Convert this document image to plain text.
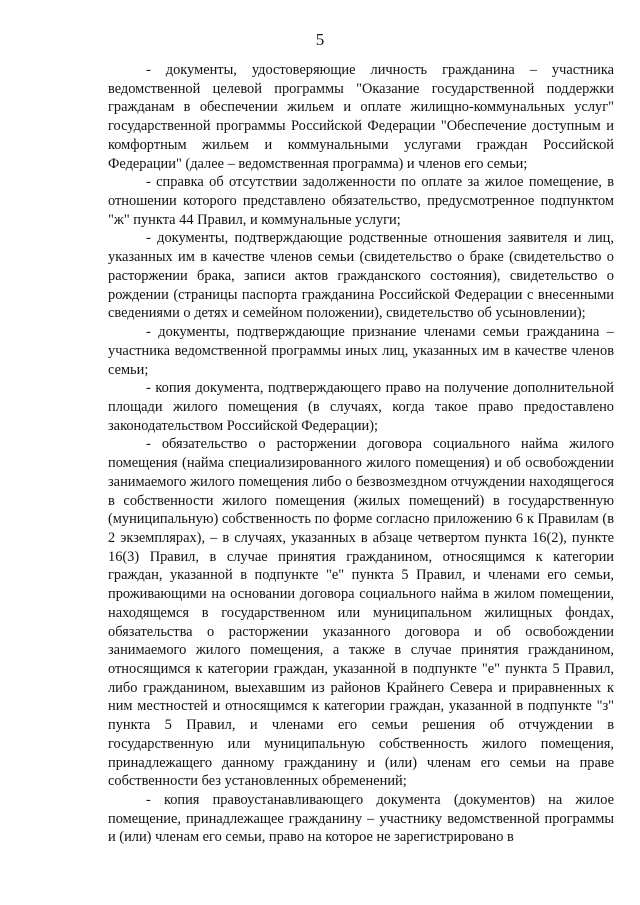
5

- документы, удостоверяющие личность гражданина – участника ведомственной целевой программы "Оказание государственной поддержки гражданам в обеспечении жильем и оплате жилищно-коммунальных услуг" государственной программы Российской Федерации "Обеспечение доступным и комфортным жильем и коммунальными услугами граждан Российской Федерации" (далее – ведомственная программа) и членов его семьи;

- справка об отсутствии задолженности по оплате за жилое помещение, в отношении которого представлено обязательство, предусмотренное подпунктом "ж" пункта 44 Правил, и коммунальные услуги;

- документы, подтверждающие родственные отношения заявителя и лиц, указанных им в качестве членов семьи (свидетельство о браке (свидетельство о расторжении брака, записи актов гражданского состояния), свидетельство о рождении (страницы паспорта гражданина Российской Федерации с внесенными сведениями о детях и семейном положении), свидетельство об усыновлении);

- документы, подтверждающие признание членами семьи гражданина – участника ведомственной программы иных лиц, указанных им в качестве членов семьи;

- копия документа, подтверждающего право на получение дополнительной площади жилого помещения (в случаях, когда такое право предоставлено законодательством Российской Федерации);

- обязательство о расторжении договора социального найма жилого помещения (найма специализированного жилого помещения) и об освобождении занимаемого жилого помещения либо о безвозмездном отчуждении находящегося в собственности жилого помещения (жилых помещений) в государственную (муниципальную) собственность по форме согласно приложению 6 к Правилам (в 2 экземплярах), – в случаях, указанных в абзаце четвертом пункта 16(2), пункте 16(3) Правил, в случае принятия гражданином, относящимся к категории граждан, указанной в подпункте "е" пункта 5 Правил, и членами его семьи, проживающими на основании договора социального найма в жилом помещении, находящемся в государственном или муниципальном жилищных фондах, обязательства о расторжении указанного договора и об освобождении занимаемого жилого помещения, а также в случае принятия гражданином, относящимся к категории граждан, указанной в подпункте "е" пункта 5 Правил, либо гражданином, выехавшим из районов Крайнего Севера и приравненных к ним местностей и относящимся к категории граждан, указанной в подпункте "з" пункта 5 Правил, и членами его семьи решения об отчуждении в государственную или муниципальную собственность жилого помещения, принадлежащего данному гражданину и (или) членам его семьи на праве собственности без установленных обременений;

- копия правоустанавливающего документа (документов) на жилое помещение, принадлежащее гражданину – участнику ведомственной программы и (или) членам его семьи, право на которое не зарегистрировано в
